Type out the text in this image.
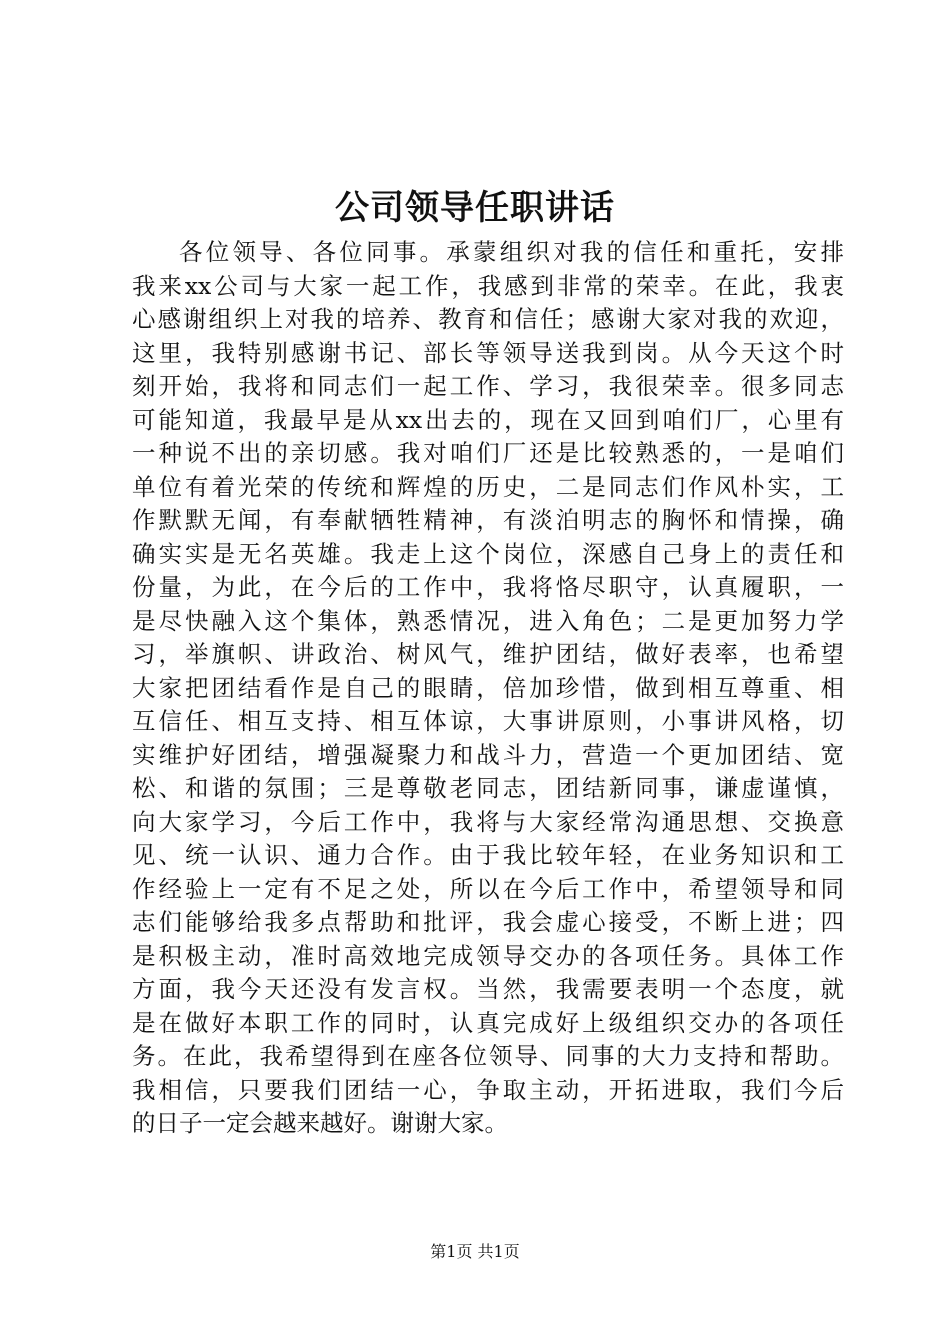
公司领导任职讲话
各位领导、各位同事。承蒙组织对我的信任和重托，安排
我来xx公司与大家一起工作，我感到非常的荣幸。在此，我衷
心感谢组织上对我的培养、教育和信任；感谢大家对我的欢迎，
这里，我特别感谢书记、部长等领导送我到岗。从今天这个时
刻开始，我将和同志们一起工作、学习，我很荣幸。很多同志
可能知道，我最早是从xx出去的，现在又回到咱们厂，心里有
一种说不出的亲切感。我对咱们厂还是比较熟悉的，一是咱们
单位有着光荣的传统和辉煌的历史，二是同志们作风朴实，工
作默默无闻，有奉献牺牲精神，有淡泊明志的胸怀和情操，确
确实实是无名英雄。我走上这个岗位，深感自己身上的责任和
份量，为此，在今后的工作中，我将恪尽职守，认真履职，一
是尽快融入这个集体，熟悉情况，进入角色；二是更加努力学
习，举旗帜、讲政治、树风气，维护团结，做好表率，也希望
大家把团结看作是自己的眼睛，倍加珍惜，做到相互尊重、相
互信任、相互支持、相互体谅，大事讲原则，小事讲风格，切
实维护好团结，增强凝聚力和战斗力，营造一个更加团结、宽
松、和谐的氛围；三是尊敬老同志，团结新同事，谦虚谨慎，
向大家学习，今后工作中，我将与大家经常沟通思想、交换意
见、统一认识、通力合作。由于我比较年轻，在业务知识和工
作经验上一定有不足之处，所以在今后工作中，希望领导和同
志们能够给我多点帮助和批评，我会虚心接受，不断上进；四
是积极主动，准时高效地完成领导交办的各项任务。具体工作
方面，我今天还没有发言权。当然，我需要表明一个态度，就
是在做好本职工作的同时，认真完成好上级组织交办的各项任
务。在此，我希望得到在座各位领导、同事的大力支持和帮助。
我相信，只要我们团结一心，争取主动，开拓进取，我们今后
的日子一定会越来越好。谢谢大家。
第1页 共1页
